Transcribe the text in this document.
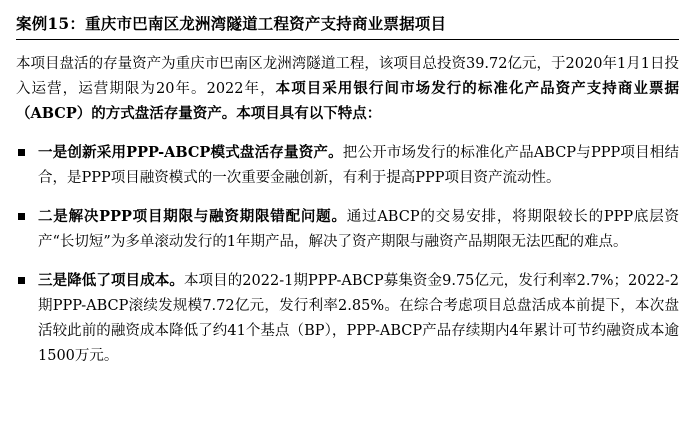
案例15：重庆市巴南区龙洲湾隧道工程资产支持商业票据项目

本项目盘活的存量资产为重庆市巴南区龙洲湾隧道工程，该项目总投资39.72亿元，于2020年1月1日投入运营，运营期限为20年。2022年，本项目采用银行间市场发行的标准化产品资产支持商业票据（ABCP）的方式盘活存量资产。本项目具有以下特点：

一是创新采用PPP-ABCP模式盘活存量资产。把公开市场发行的标准化产品ABCP与PPP项目相结合，是PPP项目融资模式的一次重要金融创新，有利于提高PPP项目资产流动性。
二是解决PPP项目期限与融资期限错配问题。通过ABCP的交易安排，将期限较长的PPP底层资产“长切短”为多单滚动发行的1年期产品，解决了资产期限与融资产品期限无法匹配的难点。
三是降低了项目成本。本项目的2022-1期PPP-ABCP募集资金9.75亿元，发行利率2.7%；2022-2期PPP-ABCP滚续发规模7.72亿元，发行利率2.85%。在综合考虑项目总盘活成本前提下，本次盘活较此前的融资成本降低了约41个基点（BP），PPP-ABCP产品存续期内4年累计可节约融资成本逾1500万元。
